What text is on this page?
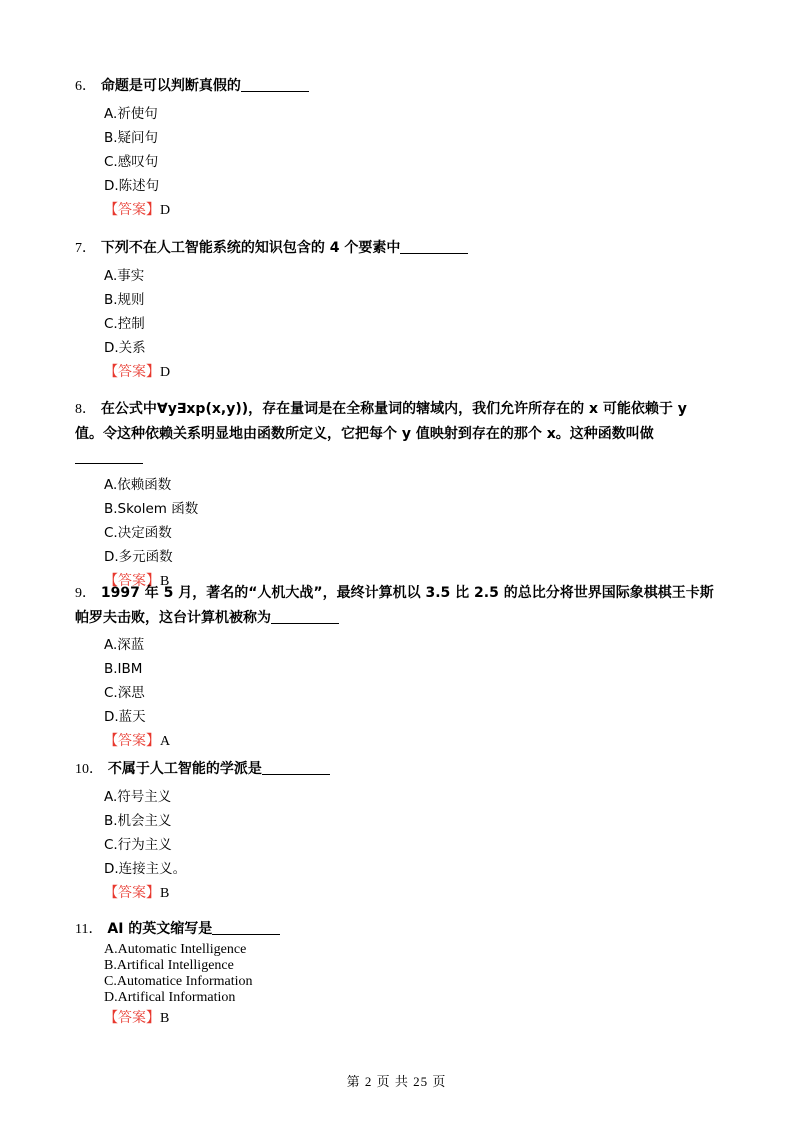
6． 命题是可以判断真假的
A.祈使句
B.疑问句
C.感叹句
D.陈述句
【答案】D
7． 下列不在人工智能系统的知识包含的 4 个要素中
A.事实
B.规则
C.控制
D.关系
【答案】D
8． 在公式中∀y∃xp(x,y))，存在量词是在全称量词的辖域内，我们允许所存在的 x 可能依赖于 y 值。令这种依赖关系明显地由函数所定义，它把每个 y 值映射到存在的那个 x。这种函数叫做
A.依赖函数
B.Skolem 函数
C.决定函数
D.多元函数
【答案】B
9． 1997 年 5 月，著名的“人机大战”，最终计算机以 3.5 比 2.5 的总比分将世界国际象棋棋王卡斯帕罗夫击败，这台计算机被称为
A.深蓝
B.IBM
C.深思
D.蓝天
【答案】A
10． 不属于人工智能的学派是
A.符号主义
B.机会主义
C.行为主义
D.连接主义。
【答案】B
11． AI 的英文缩写是
A.Automatic Intelligence
B.Artifical Intelligence
C.Automatice Information
D.Artifical Information
【答案】B
第 2 页 共 25 页
